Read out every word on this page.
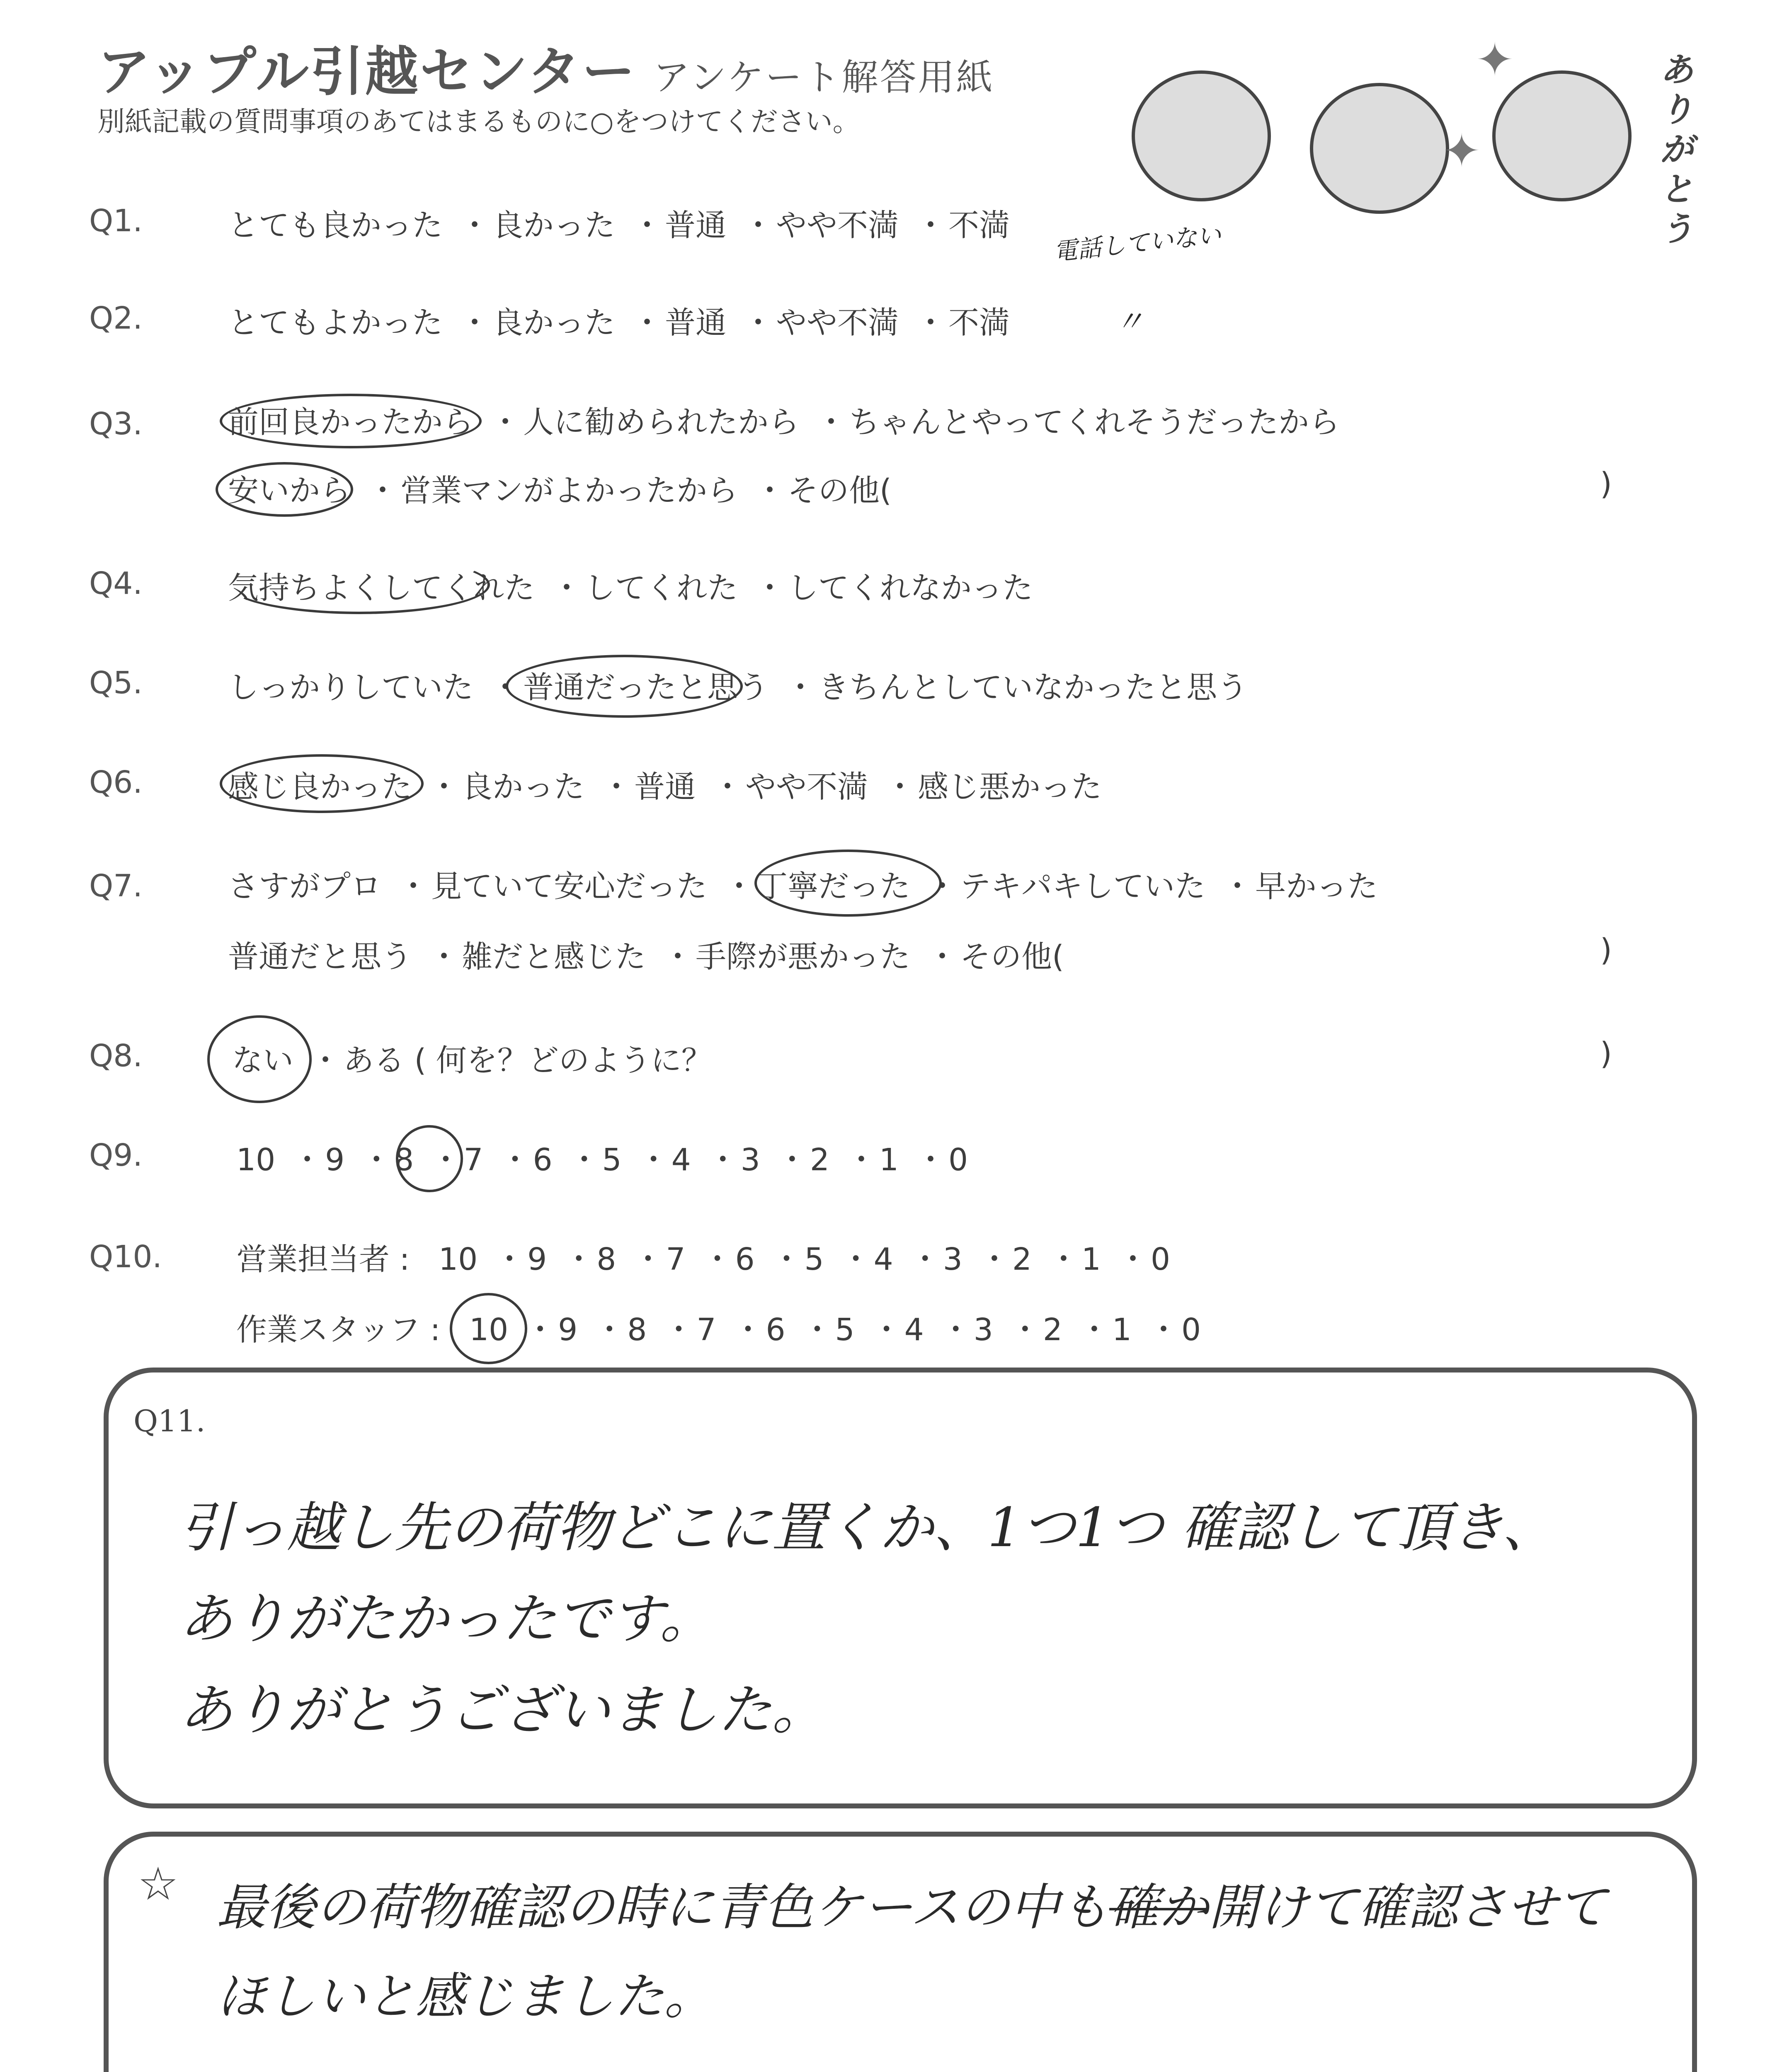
アップル引越センター アンケート解答用紙
別紙記載の質問事項のあてはまるものに○をつけてください。
✦
✦
ありがとう
Q1.	とても良かった ・良かった ・普通 ・やや不満 ・不満 電話していない
Q2.	とてもよかった ・良かった ・普通 ・やや不満 ・不満	〃
Q3.	前回良かったから ・人に勧められたから ・ちゃんとやってくれそうだったから
安いから ・営業マンがよかったから ・その他(	)
Q4.	気持ちよくしてくれた ・してくれた ・してくれなかった
Q5.	しっかりしていた ・普通だったと思う ・きちんとしていなかったと思う
Q6.	感じ良かった ・良かった ・普通 ・やや不満 ・感じ悪かった
Q7.	さすがプロ ・見ていて安心だった ・丁寧だった ・テキパキしていた ・早かった
普通だと思う ・雑だと感じた ・手際が悪かった ・その他(	)
Q8.	ない ・ある ( 何を？どのように？	)
Q9.	10 ・9 ・8 ・7 ・6 ・5 ・4 ・3 ・2 ・1 ・0
Q10. 営業担当者 : 10 ・9 ・8 ・7 ・6 ・5 ・4 ・3 ・2 ・1 ・0
作業スタッフ : 10 ・9 ・8 ・7 ・6 ・5 ・4 ・3 ・2 ・1 ・0
Q11.
引っ越し先の荷物どこに置くか、1つ1つ 確認して頂き、
ありがたかったです。
ありがとうございました。
☆ 最後の荷物確認の時に青色ケースの中も確か開けて確認させて
ほしいと感じました。
